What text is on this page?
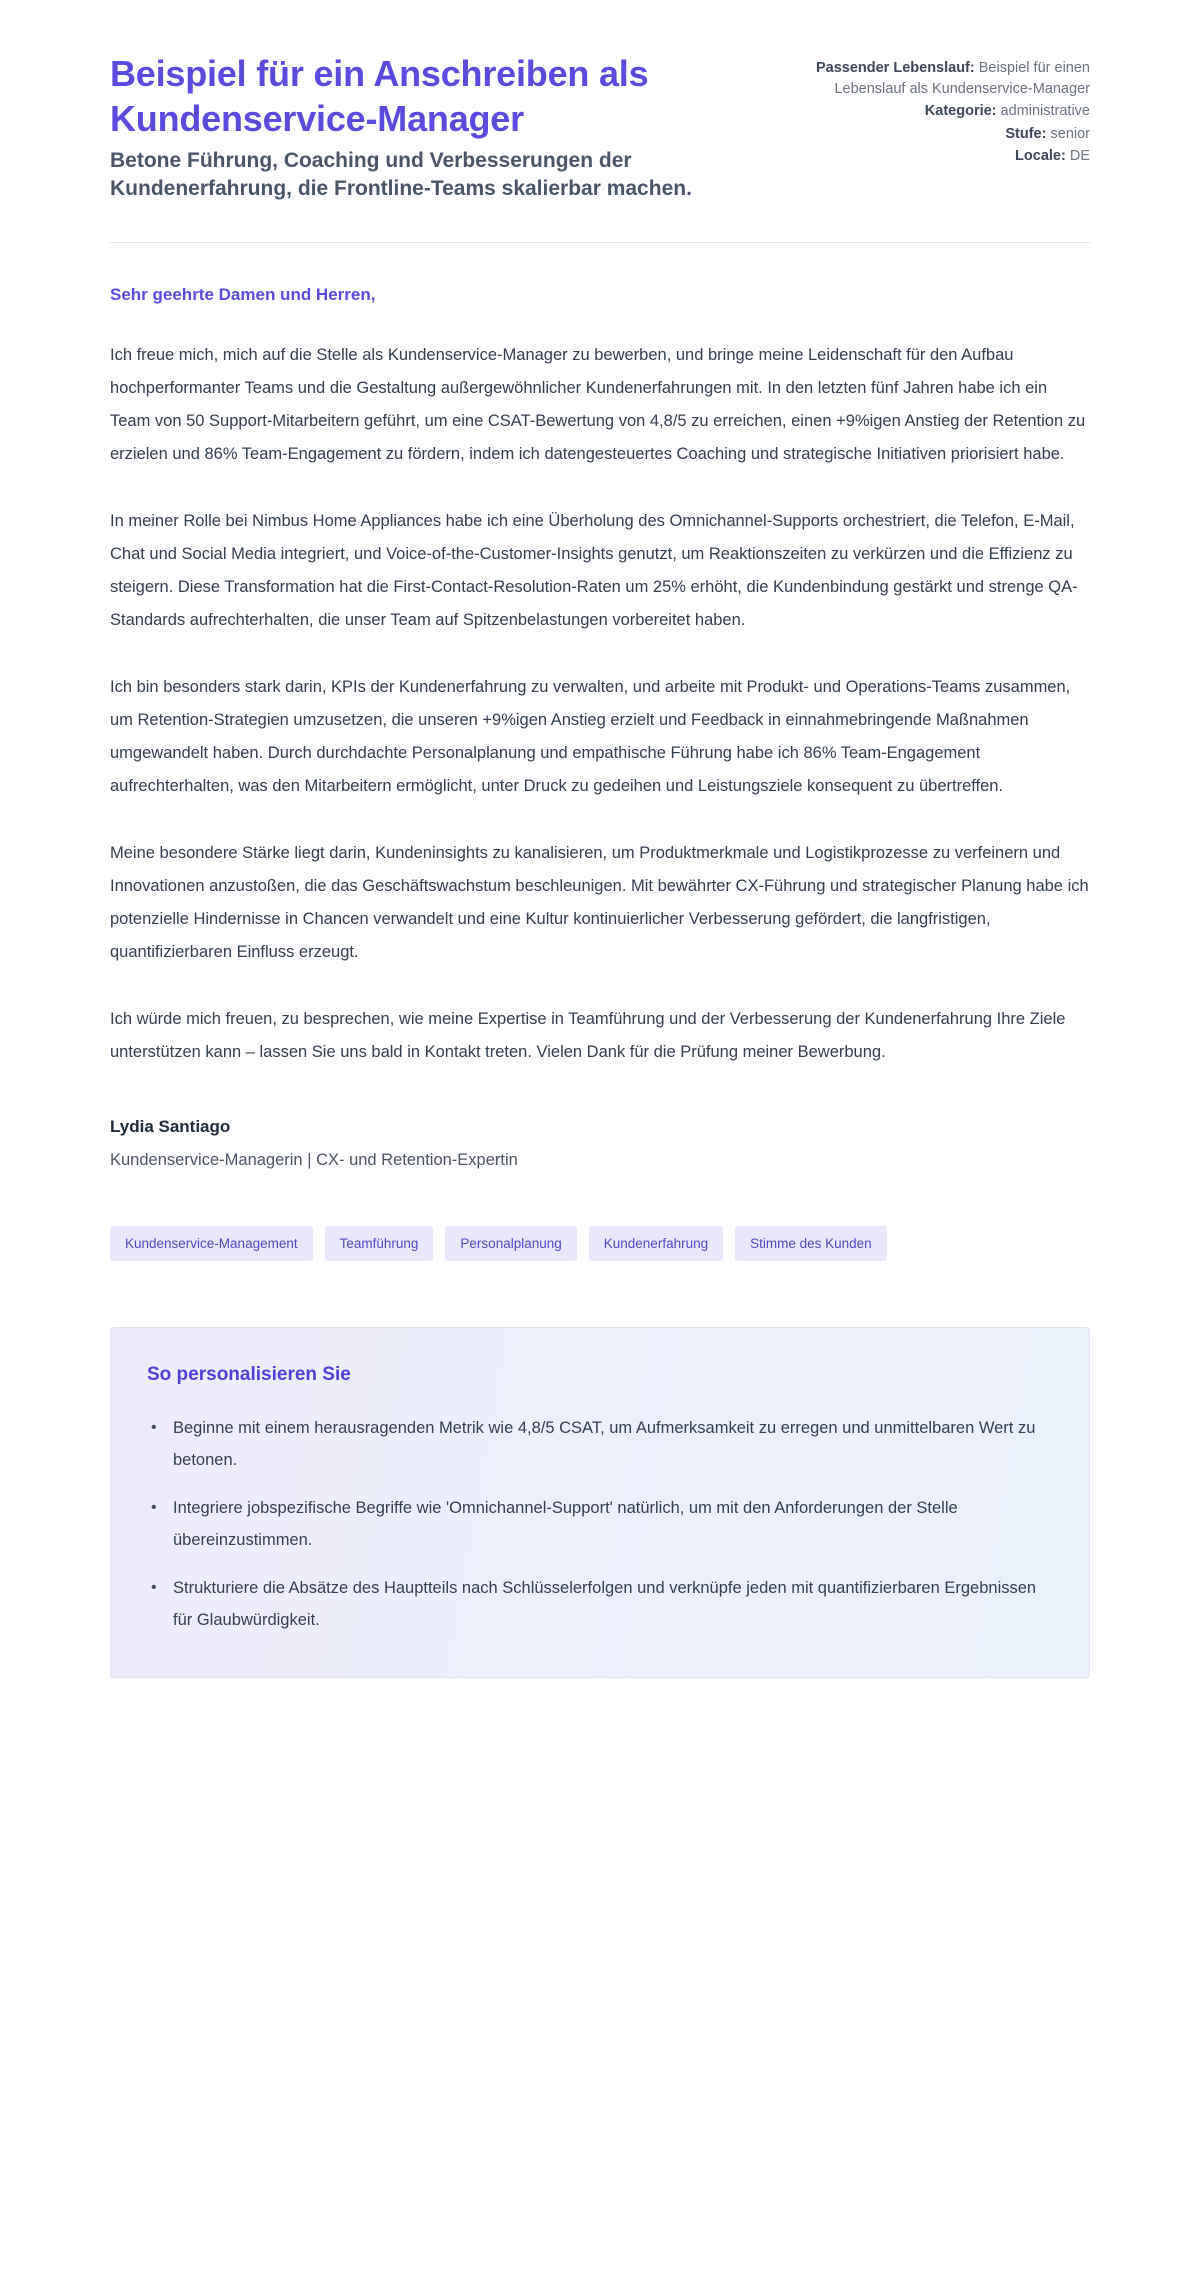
Beispiel für ein Anschreiben als Kundenservice-Manager

Betone Führung, Coaching und Verbesserungen der Kundenerfahrung, die Frontline-Teams skalierbar machen.

Passender Lebenslauf: Beispiel für einen Lebenslauf als Kundenservice-Manager
Kategorie: administrative
Stufe: senior
Locale: DE

Sehr geehrte Damen und Herren,

Ich freue mich, mich auf die Stelle als Kundenservice-Manager zu bewerben, und bringe meine Leidenschaft für den Aufbau hochperformanter Teams und die Gestaltung außergewöhnlicher Kundenerfahrungen mit. In den letzten fünf Jahren habe ich ein Team von 50 Support-Mitarbeitern geführt, um eine CSAT-Bewertung von 4,8/5 zu erreichen, einen +9%igen Anstieg der Retention zu erzielen und 86% Team-Engagement zu fördern, indem ich datengesteuertes Coaching und strategische Initiativen priorisiert habe.

In meiner Rolle bei Nimbus Home Appliances habe ich eine Überholung des Omnichannel-Supports orchestriert, die Telefon, E-Mail, Chat und Social Media integriert, und Voice-of-the-Customer-Insights genutzt, um Reaktionszeiten zu verkürzen und die Effizienz zu steigern. Diese Transformation hat die First-Contact-Resolution-Raten um 25% erhöht, die Kundenbindung gestärkt und strenge QA-Standards aufrechterhalten, die unser Team auf Spitzenbelastungen vorbereitet haben.

Ich bin besonders stark darin, KPIs der Kundenerfahrung zu verwalten, und arbeite mit Produkt- und Operations-Teams zusammen, um Retention-Strategien umzusetzen, die unseren +9%igen Anstieg erzielt und Feedback in einnahmebringende Maßnahmen umgewandelt haben. Durch durchdachte Personalplanung und empathische Führung habe ich 86% Team-Engagement aufrechterhalten, was den Mitarbeitern ermöglicht, unter Druck zu gedeihen und Leistungsziele konsequent zu übertreffen.

Meine besondere Stärke liegt darin, Kundeninsights zu kanalisieren, um Produktmerkmale und Logistikprozesse zu verfeinern und Innovationen anzustoßen, die das Geschäftswachstum beschleunigen. Mit bewährter CX-Führung und strategischer Planung habe ich potenzielle Hindernisse in Chancen verwandelt und eine Kultur kontinuierlicher Verbesserung gefördert, die langfristigen, quantifizierbaren Einfluss erzeugt.

Ich würde mich freuen, zu besprechen, wie meine Expertise in Teamführung und der Verbesserung der Kundenerfahrung Ihre Ziele unterstützen kann – lassen Sie uns bald in Kontakt treten. Vielen Dank für die Prüfung meiner Bewerbung.

Lydia Santiago

Kundenservice-Managerin | CX- und Retention-Expertin

Kundenservice-Management	Teamführung	Personalplanung	Kundenerfahrung	Stimme des Kunden
So personalisieren Sie
• Beginne mit einem herausragenden Metrik wie 4,8/5 CSAT, um Aufmerksamkeit zu erregen und unmittelbaren Wert zu betonen.
• Integriere jobspezifische Begriffe wie 'Omnichannel-Support' natürlich, um mit den Anforderungen der Stelle übereinzustimmen.
• Strukturiere die Absätze des Hauptteils nach Schlüsselerfolgen und verknüpfe jeden mit quantifizierbaren Ergebnissen für Glaubwürdigkeit.
